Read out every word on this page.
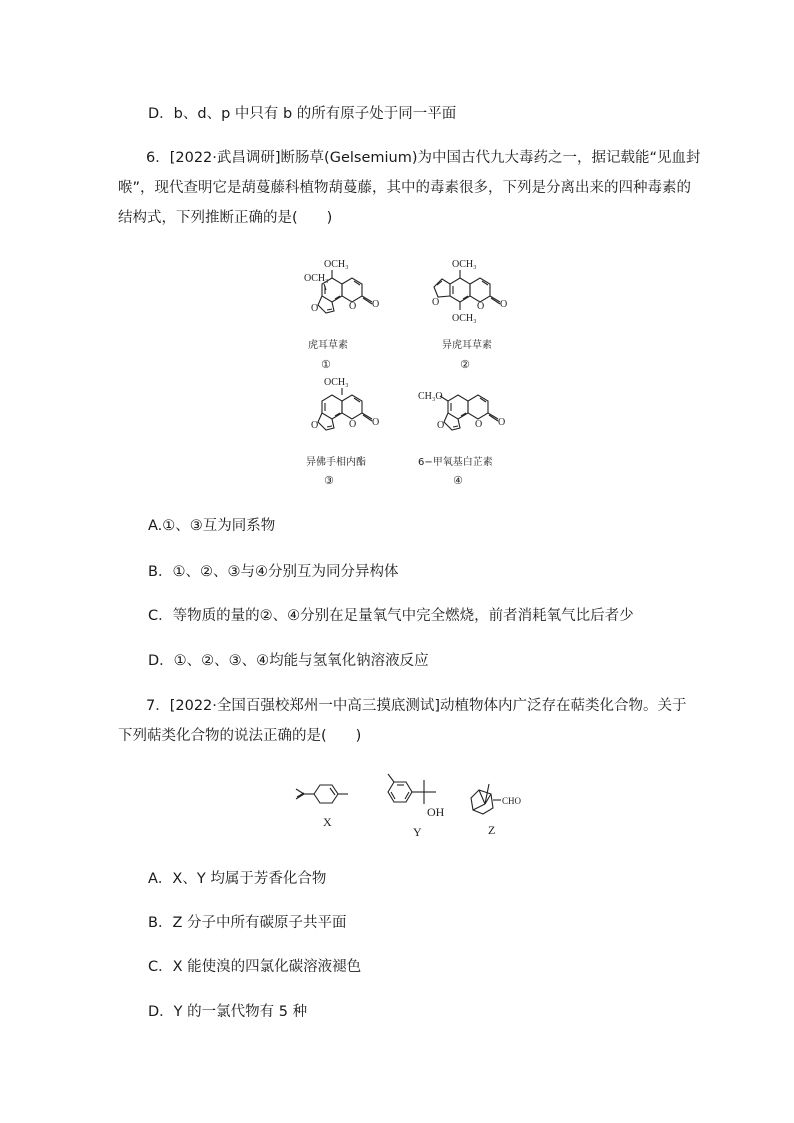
D．b、d、p 中只有 b 的所有原子处于同一平面
6．[2022·武昌调研]断肠草(Gelsemium)为中国古代九大毒药之一，据记载能“见血封
喉”，现代查明它是葫蔓藤科植物葫蔓藤，其中的毒素很多，下列是分离出来的四种毒素的
结构式，下列推断正确的是(　　)
OCH₃
OCH₃
O
O
O
虎耳草素
①
OCH₃
O
O
O
OCH₃
异虎耳草素
②
OCH₃
O
O
O
异佛手相内酯
③
CH₃O
O
O
O
6−甲氧基白芷素
④
A.①、③互为同系物
B．①、②、③与④分别互为同分异构体
C．等物质的量的②、④分别在足量氧气中完全燃烧，前者消耗氧气比后者少
D．①、②、③、④均能与氢氧化钠溶液反应
7．[2022·全国百强校郑州一中高三摸底测试]动植物体内广泛存在萜类化合物。关于
下列萜类化合物的说法正确的是(　　)
X
OH
Y
CHO
Z
A．X、Y 均属于芳香化合物
B．Z 分子中所有碳原子共平面
C．X 能使溴的四氯化碳溶液褪色
D．Y 的一氯代物有 5 种
